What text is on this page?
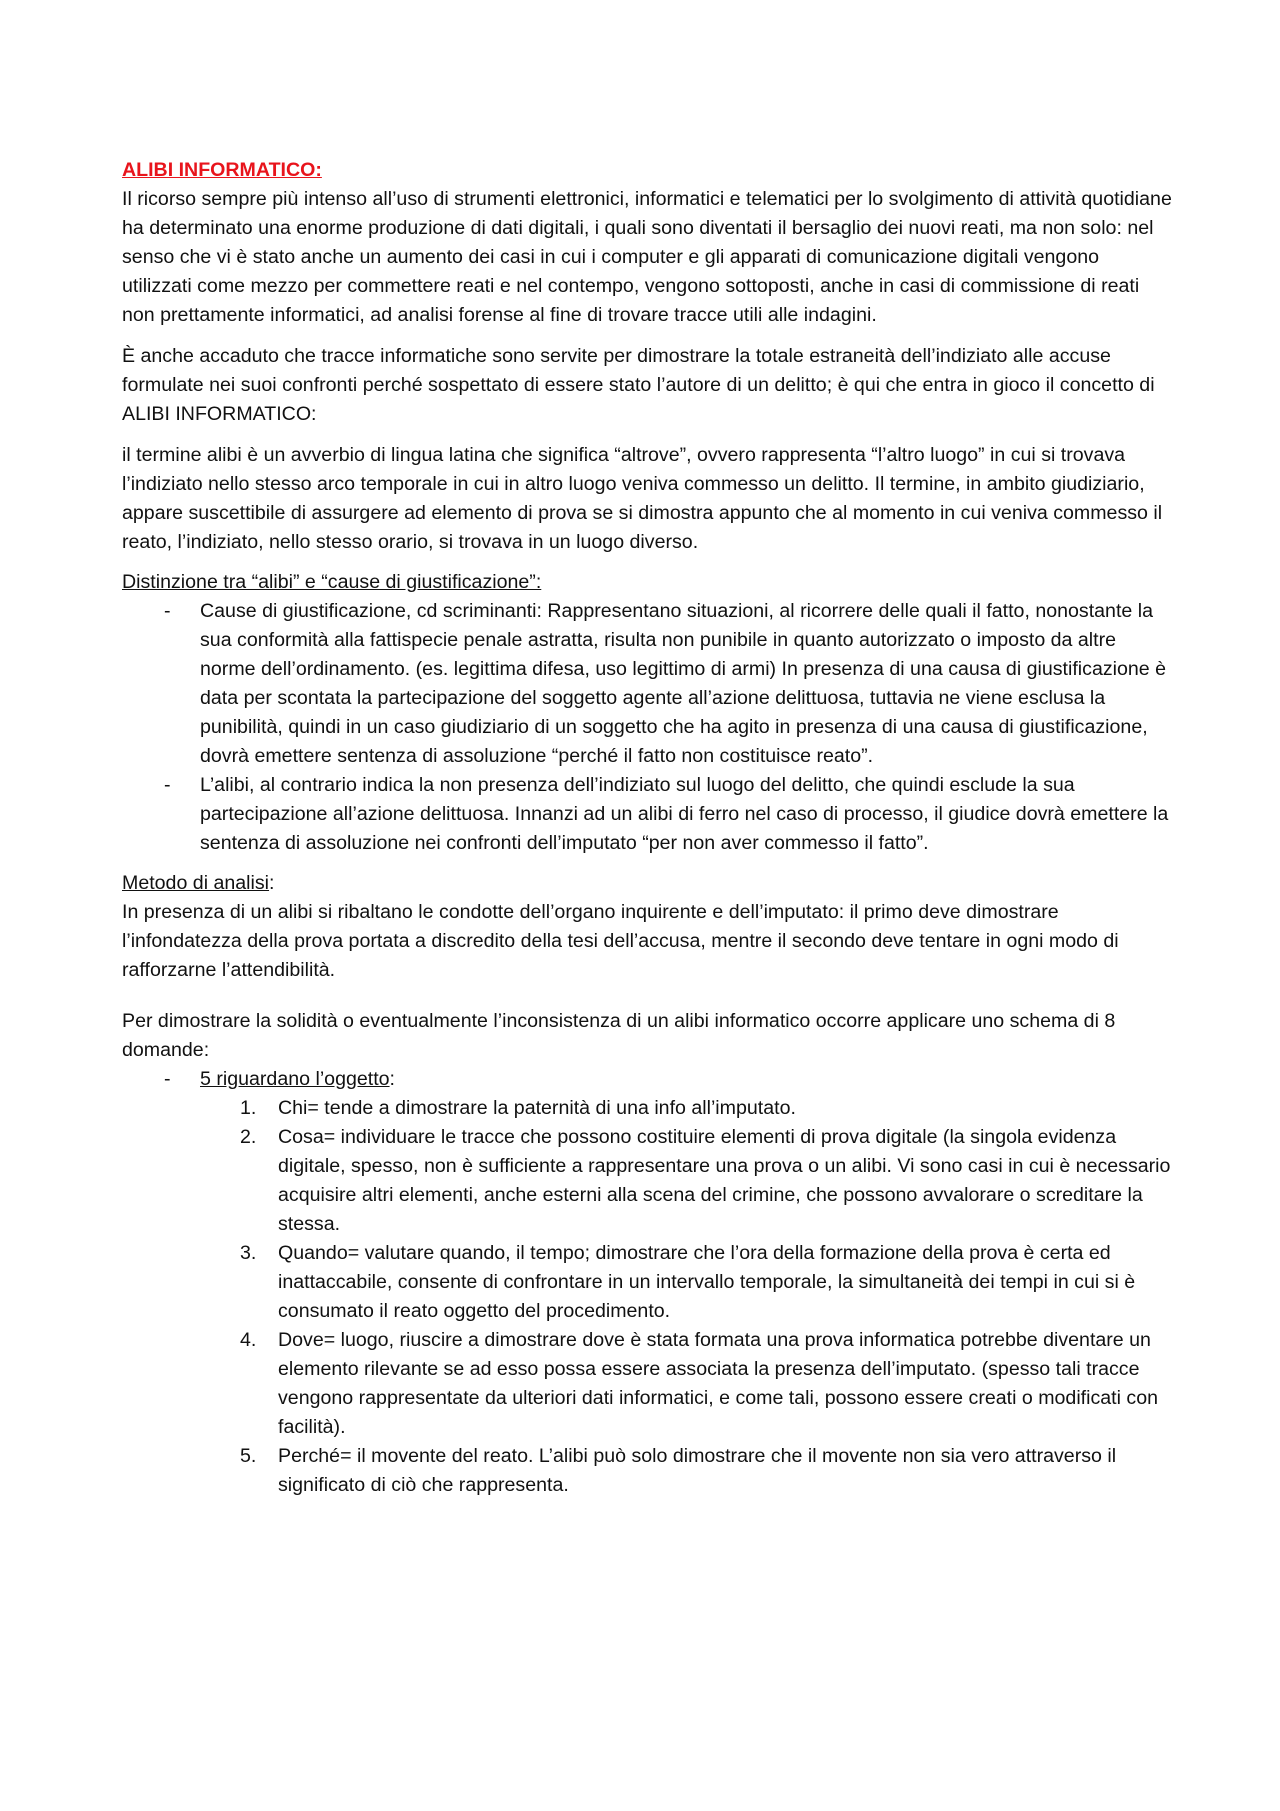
ALIBI INFORMATICO:

Il ricorso sempre più intenso all’uso di strumenti elettronici, informatici e telematici per lo svolgimento di attività quotidiane ha determinato una enorme produzione di dati digitali, i quali sono diventati il bersaglio dei nuovi reati, ma non solo: nel senso che vi è stato anche un aumento dei casi in cui i computer e gli apparati di comunicazione digitali vengono utilizzati come mezzo per commettere reati e nel contempo, vengono sottoposti, anche in casi di commissione di reati non prettamente informatici, ad analisi forense al fine di trovare tracce utili alle indagini.

È anche accaduto che tracce informatiche sono servite per dimostrare la totale estraneità dell’indiziato alle accuse formulate nei suoi confronti perché sospettato di essere stato l’autore di un delitto; è qui che entra in gioco il concetto di ALIBI INFORMATICO:

il termine alibi è un avverbio di lingua latina che significa “altrove”, ovvero rappresenta “l’altro luogo” in cui si trovava l’indiziato nello stesso arco temporale in cui in altro luogo veniva commesso un delitto. Il termine, in ambito giudiziario, appare suscettibile di assurgere ad elemento di prova se si dimostra appunto che al momento in cui veniva commesso il reato, l’indiziato, nello stesso orario, si trovava in un luogo diverso.

Distinzione tra “alibi” e “cause di giustificazione”:

- Cause di giustificazione, cd scriminanti: Rappresentano situazioni, al ricorrere delle quali il fatto, nonostante la sua conformità alla fattispecie penale astratta, risulta non punibile in quanto autorizzato o imposto da altre norme dell’ordinamento. (es. legittima difesa, uso legittimo di armi) In presenza di una causa di giustificazione è data per scontata la partecipazione del soggetto agente all’azione delittuosa, tuttavia ne viene esclusa la punibilità, quindi in un caso giudiziario di un soggetto che ha agito in presenza di una causa di giustificazione, dovrà emettere sentenza di assoluzione “perché il fatto non costituisce reato”.
- L’alibi, al contrario indica la non presenza dell’indiziato sul luogo del delitto, che quindi esclude la sua partecipazione all’azione delittuosa. Innanzi ad un alibi di ferro nel caso di processo, il giudice dovrà emettere la sentenza di assoluzione nei confronti dell’imputato “per non aver commesso il fatto”.

Metodo di analisi:

In presenza di un alibi si ribaltano le condotte dell’organo inquirente e dell’imputato: il primo deve dimostrare l’infondatezza della prova portata a discredito della tesi dell’accusa, mentre il secondo deve tentare in ogni modo di rafforzarne l’attendibilità.

Per dimostrare la solidità o eventualmente l’inconsistenza di un alibi informatico occorre applicare uno schema di 8 domande:

- 5 riguardano l’oggetto:
1. Chi= tende a dimostrare la paternità di una info all’imputato.
2. Cosa= individuare le tracce che possono costituire elementi di prova digitale (la singola evidenza digitale, spesso, non è sufficiente a rappresentare una prova o un alibi. Vi sono casi in cui è necessario acquisire altri elementi, anche esterni alla scena del crimine, che possono avvalorare o screditare la stessa.
3. Quando= valutare quando, il tempo; dimostrare che l’ora della formazione della prova è certa ed inattaccabile, consente di confrontare in un intervallo temporale, la simultaneità dei tempi in cui si è consumato il reato oggetto del procedimento.
4. Dove= luogo, riuscire a dimostrare dove è stata formata una prova informatica potrebbe diventare un elemento rilevante se ad esso possa essere associata la presenza dell’imputato. (spesso tali tracce vengono rappresentate da ulteriori dati informatici, e come tali, possono essere creati o modificati con facilità).
5. Perché= il movente del reato. L’alibi può solo dimostrare che il movente non sia vero attraverso il significato di ciò che rappresenta.
